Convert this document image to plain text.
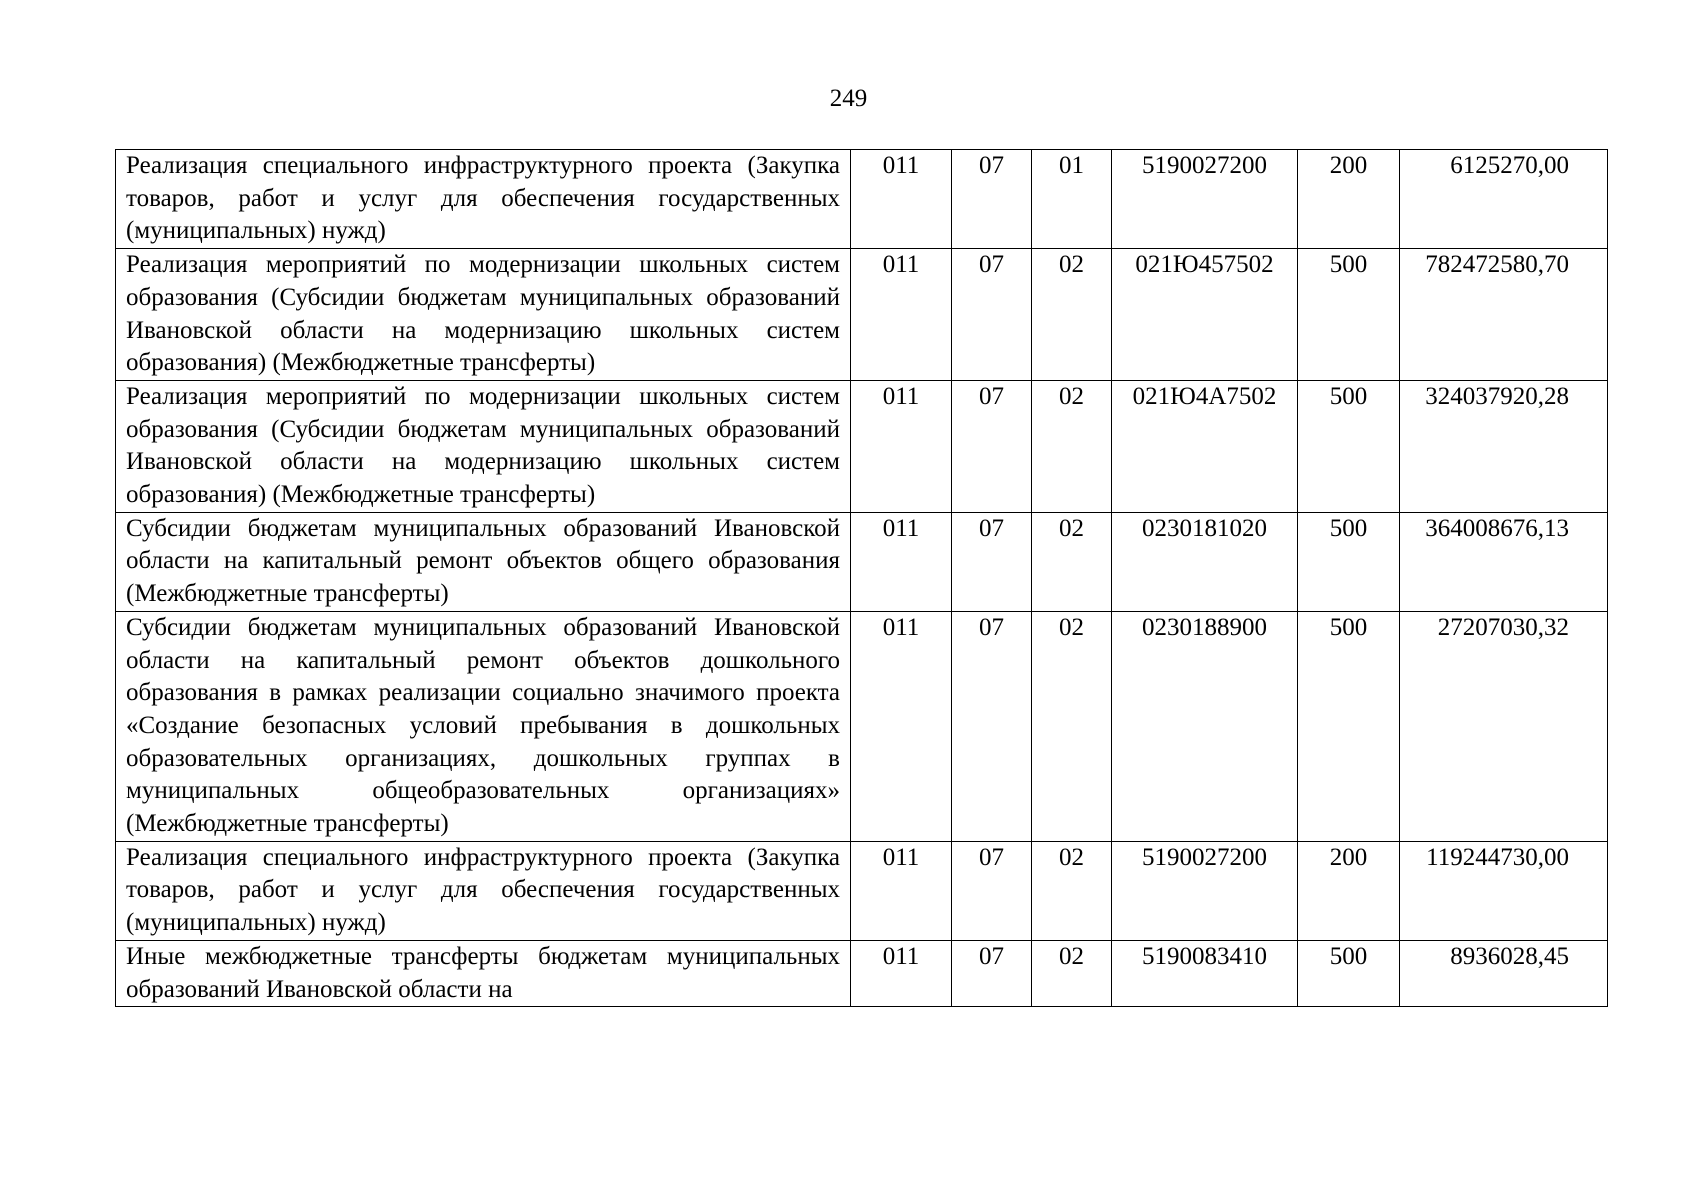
249
Реализация специального инфраструктурного проекта (Закупка товаров, работ и услуг для обеспечения государственных (муниципальных) нужд)	011	07	01	5190027200	200	6125270,00
Реализация мероприятий по модернизации школьных систем образования (Субсидии бюджетам муниципальных образований Ивановской области на модернизацию школьных систем образования) (Межбюджетные трансферты)	011	07	02	021Ю457502	500	782472580,70
Реализация мероприятий по модернизации школьных систем образования (Субсидии бюджетам муниципальных образований Ивановской области на модернизацию школьных систем образования) (Межбюджетные трансферты)	011	07	02	021Ю4А7502	500	324037920,28
Субсидии бюджетам муниципальных образований Ивановской области на капитальный ремонт объектов общего образования (Межбюджетные трансферты)	011	07	02	0230181020	500	364008676,13
Субсидии бюджетам муниципальных образований Ивановской области на капитальный ремонт объектов дошкольного образования в рамках реализации социально значимого проекта «Создание безопасных условий пребывания в дошкольных образовательных организациях, дошкольных группах в муниципальных общеобразовательных организациях» (Межбюджетные трансферты)	011	07	02	0230188900	500	27207030,32
Реализация специального инфраструктурного проекта (Закупка товаров, работ и услуг для обеспечения государственных (муниципальных) нужд)	011	07	02	5190027200	200	119244730,00
Иные межбюджетные трансферты бюджетам муниципальных образований Ивановской области на	011	07	02	5190083410	500	8936028,45
